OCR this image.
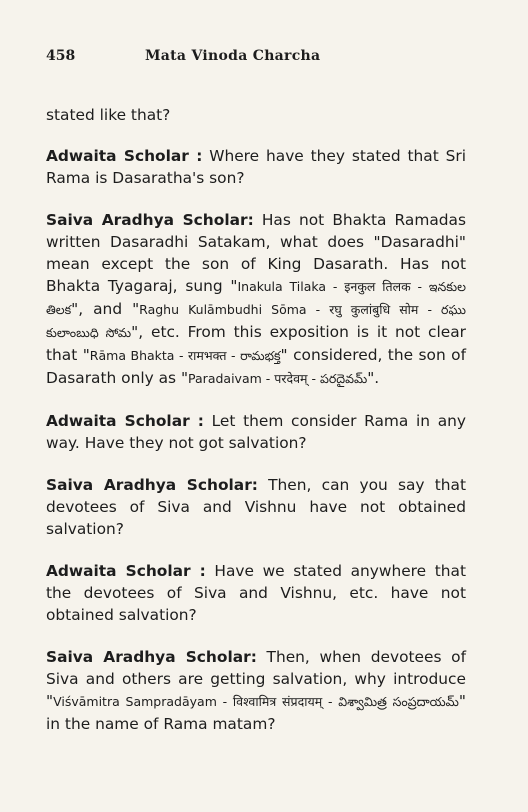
458	Mata Vinoda Charcha

stated like that?

Adwaita Scholar : Where have they stated that Sri Rama is Dasaratha's son?

Saiva Aradhya Scholar: Has not Bhakta Ramadas written Dasaradhi Satakam, what does "Dasaradhi" mean except the son of King Dasarath. Has not Bhakta Tyagaraj, sung "Inakula Tilaka - इनकुल तिलक - ఇనకుల తిలక", and "Raghu Kulāmbudhi Sōma - रघु कुलांबुधि सोम - రఘు కులాంబుధి సోమ", etc. From this exposition is it not clear that "Rāma Bhakta - रामभक्त - రామభక్త" considered, the son of Dasarath only as "Paradaivam - परदेवम् - పరదైవమ్".

Adwaita Scholar : Let them consider Rama in any way. Have they not got salvation?

Saiva Aradhya Scholar: Then, can you say that devotees of Siva and Vishnu have not obtained salvation?

Adwaita Scholar : Have we stated anywhere that the devotees of Siva and Vishnu, etc. have not obtained salvation?

Saiva Aradhya Scholar: Then, when devotees of Siva and others are getting salvation, why introduce "Viśvāmitra Sampradāyam - विश्वामित्र संप्रदायम् - విశ్వామిత్ర సంప్రదాయమ్" in the name of Rama matam?
